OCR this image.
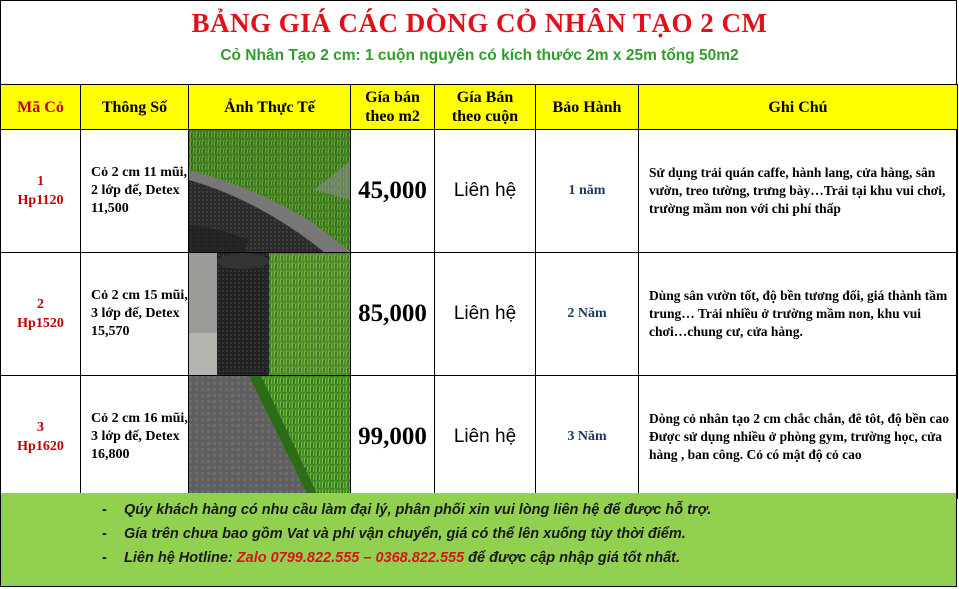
BẢNG GIÁ CÁC DÒNG CỎ NHÂN TẠO 2 CM
Cỏ Nhân Tạo 2 cm: 1 cuộn nguyên có kích thước 2m x 25m tổng 50m2
Mã Cỏ	Thông Số	Ảnh Thực Tế	Gía bán
theo m2	Gía Bán
theo cuộn	Bảo Hành	Ghi Chú
1
Hp1120	Cỏ 2 cm 11 mũi, 2 lớp đế, Detex 11,500		45,000	Liên hệ	1 năm	Sử dụng trải quán caffe, hành lang, cửa hàng, sân vườn, treo tường, trưng bày…Trải tại khu vui chơi, trường mầm non với chi phí thấp
2
Hp1520	Cỏ 2 cm 15 mũi, 3 lớp đế, Detex 15,570		85,000	Liên hệ	2 Năm	Dùng sân vườn tốt, độ bền tương đối, giá thành tầm trung… Trải nhiều ở trường mầm non, khu vui chơi…chung cư, cửa hàng.
3
Hp1620	Cỏ 2 cm 16 mũi, 3 lớp đế, Detex 16,800		99,000	Liên hệ	3 Năm	Dòng cỏ nhân tạo 2 cm chắc chắn, đê tôt, độ bền cao
Được sử dụng nhiều ở phòng gym, trường học, cửa hàng , ban công. Cỏ có mật độ cỏ cao
- Qúy khách hàng có nhu cầu làm đại lý, phân phối xin vui lòng liên hệ để được hỗ trợ.
- Gía trên chưa bao gồm Vat và phí vận chuyển, giá có thể lên xuống tùy thời điểm.
- Liên hệ Hotline: Zalo 0799.822.555 – 0368.822.555 để được cập nhập giá tốt nhất.
